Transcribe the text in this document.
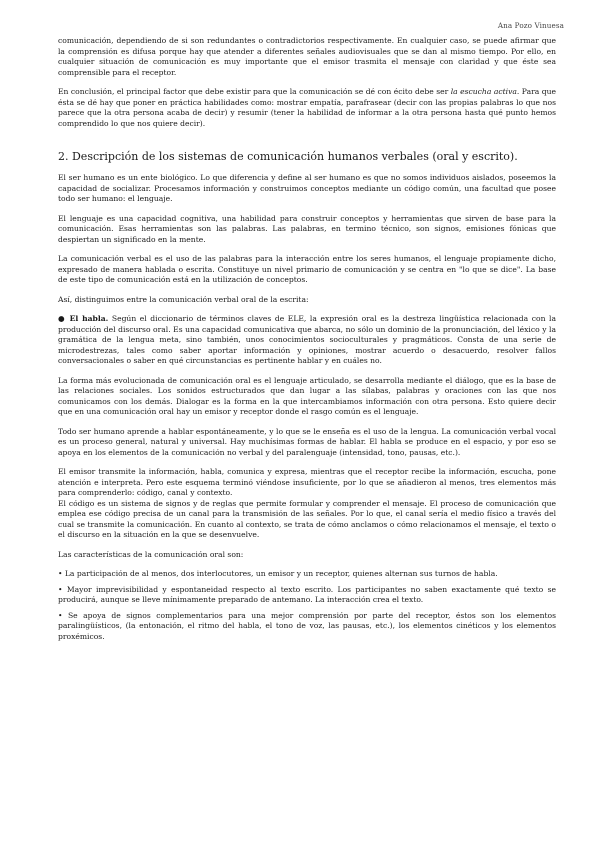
Ana Pozo Vinuesa

comunicación, dependiendo de si son redundantes o contradictorios respectivamente. En cualquier caso, se puede afirmar que la comprensión es difusa porque hay que atender a diferentes señales audiovisuales que se dan al mismo tiempo. Por ello, en cualquier situación de comunicación es muy importante que el emisor trasmita el mensaje con claridad y que éste sea comprensible para el receptor.

En conclusión, el principal factor que debe existir para que la comunicación se dé con écito debe ser la escucha activa. Para que ésta se dé hay que poner en práctica habilidades como: mostrar empatía, parafrasear (decir con las propias palabras lo que nos parece que la otra persona acaba de decir) y resumir (tener la habilidad de informar a la otra persona hasta qué punto hemos comprendido lo que nos quiere decir).

2. Descripción de los sistemas de comunicación humanos verbales (oral y escrito).

El ser humano es un ente biológico. Lo que diferencia y define al ser humano es que no somos individuos aislados, poseemos la capacidad de socializar. Procesamos información y construimos conceptos mediante un código común, una facultad que posee todo ser humano: el lenguaje.

El lenguaje es una capacidad cognitiva, una habilidad para construir conceptos y herramientas que sirven de base para la comunicación. Esas herramientas son las palabras. Las palabras, en termino técnico, son signos, emisiones fónicas que despiertan un significado en la mente.

La comunicación verbal es el uso de las palabras para la interacción entre los seres humanos, el lenguaje propiamente dicho, expresado de manera hablada o escrita. Constituye un nivel primario de comunicación y se centra en "lo que se dice". La base de este tipo de comunicación está en la utilización de conceptos.

Así, distinguimos entre la comunicación verbal oral de la escrita:

● El habla. Según el diccionario de términos claves de ELE, la expresión oral es la destreza lingüística relacionada con la producción del discurso oral. Es una capacidad comunicativa que abarca, no sólo un dominio de la pronunciación, del léxico y la gramática de la lengua meta, sino también, unos conocimientos socioculturales y pragmáticos. Consta de una serie de microdestrezas, tales como saber aportar información y opiniones, mostrar acuerdo o desacuerdo, resolver fallos conversacionales o saber en qué circunstancias es pertinente hablar y en cuáles no.

La forma más evolucionada de comunicación oral es el lenguaje articulado, se desarrolla mediante el diálogo, que es la base de las relaciones sociales. Los sonidos estructurados que dan lugar a las sílabas, palabras y oraciones con las que nos comunicamos con los demás. Dialogar es la forma en la que intercambiamos información con otra persona. Esto quiere decir que en una comunicación oral hay un emisor y receptor donde el rasgo común es el lenguaje.

Todo ser humano aprende a hablar espontáneamente, y lo que se le enseña es el uso de la lengua. La comunicación verbal vocal es un proceso general, natural y universal. Hay muchísimas formas de hablar. El habla se produce en el espacio, y por eso se apoya en los elementos de la comunicación no verbal y del paralenguaje (intensidad, tono, pausas, etc.).

El emisor transmite la información, habla, comunica y expresa, mientras que el receptor recibe la información, escucha, pone atención e interpreta. Pero este esquema terminó viéndose insuficiente, por lo que se añadieron al menos, tres elementos más para comprenderlo: código, canal y contexto.

El código es un sistema de signos y de reglas que permite formular y comprender el mensaje. El proceso de comunicación que emplea ese código precisa de un canal para la transmisión de las señales. Por lo que, el canal sería el medio físico a través del cual se transmite la comunicación. En cuanto al contexto, se trata de cómo anclamos o cómo relacionamos el mensaje, el texto o el discurso en la situación en la que se desenvuelve.

Las características de la comunicación oral son:

• La participación de al menos, dos interlocutores, un emisor y un receptor, quienes alternan sus turnos de habla.
• Mayor imprevisibilidad y espontaneidad respecto al texto escrito. Los participantes no saben exactamente qué texto se producirá, aunque se lleve mínimamente preparado de antemano. La interacción crea el texto.
• Se apoya de signos complementarios para una mejor comprensión por parte del receptor, éstos son los elementos paralingüísticos, (la entonación, el ritmo del habla, el tono de voz, las pausas, etc.), los elementos cinéticos y los elementos proxémicos.
